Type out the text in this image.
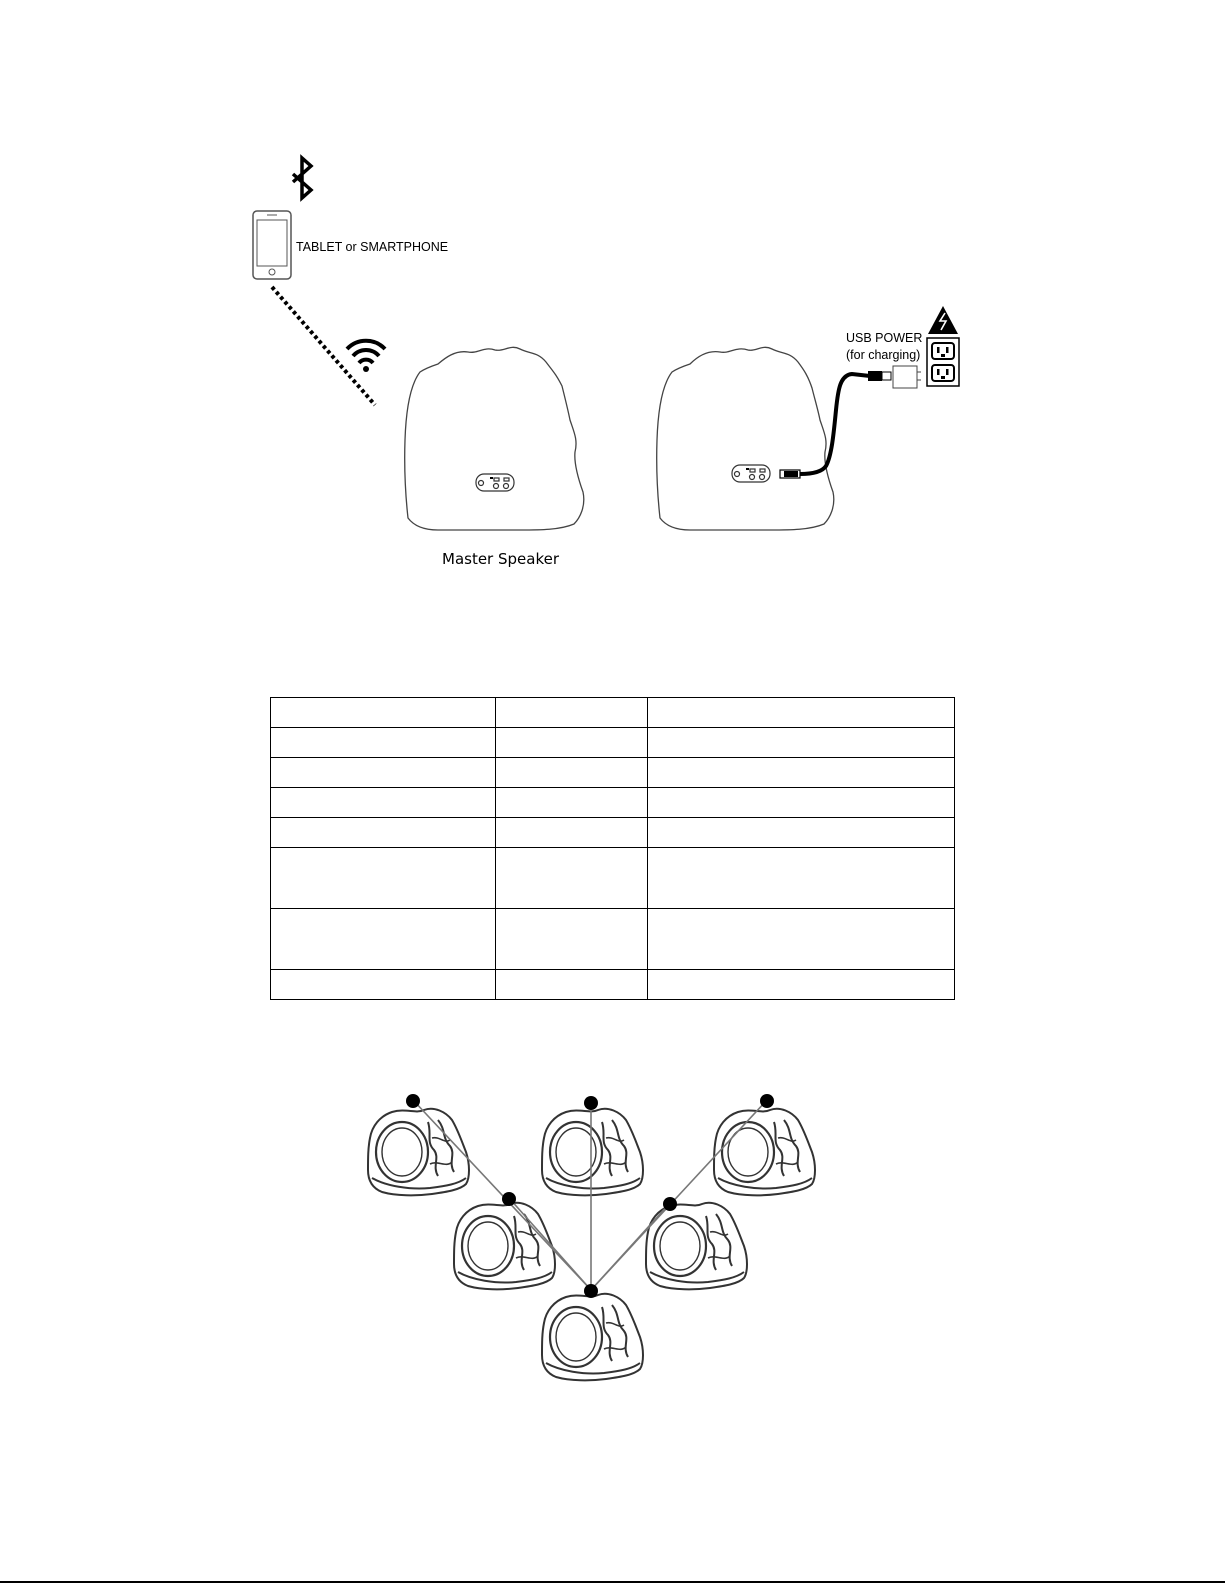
TABLET or SMARTPHONE
Master Speaker
USB POWER
(for charging)
